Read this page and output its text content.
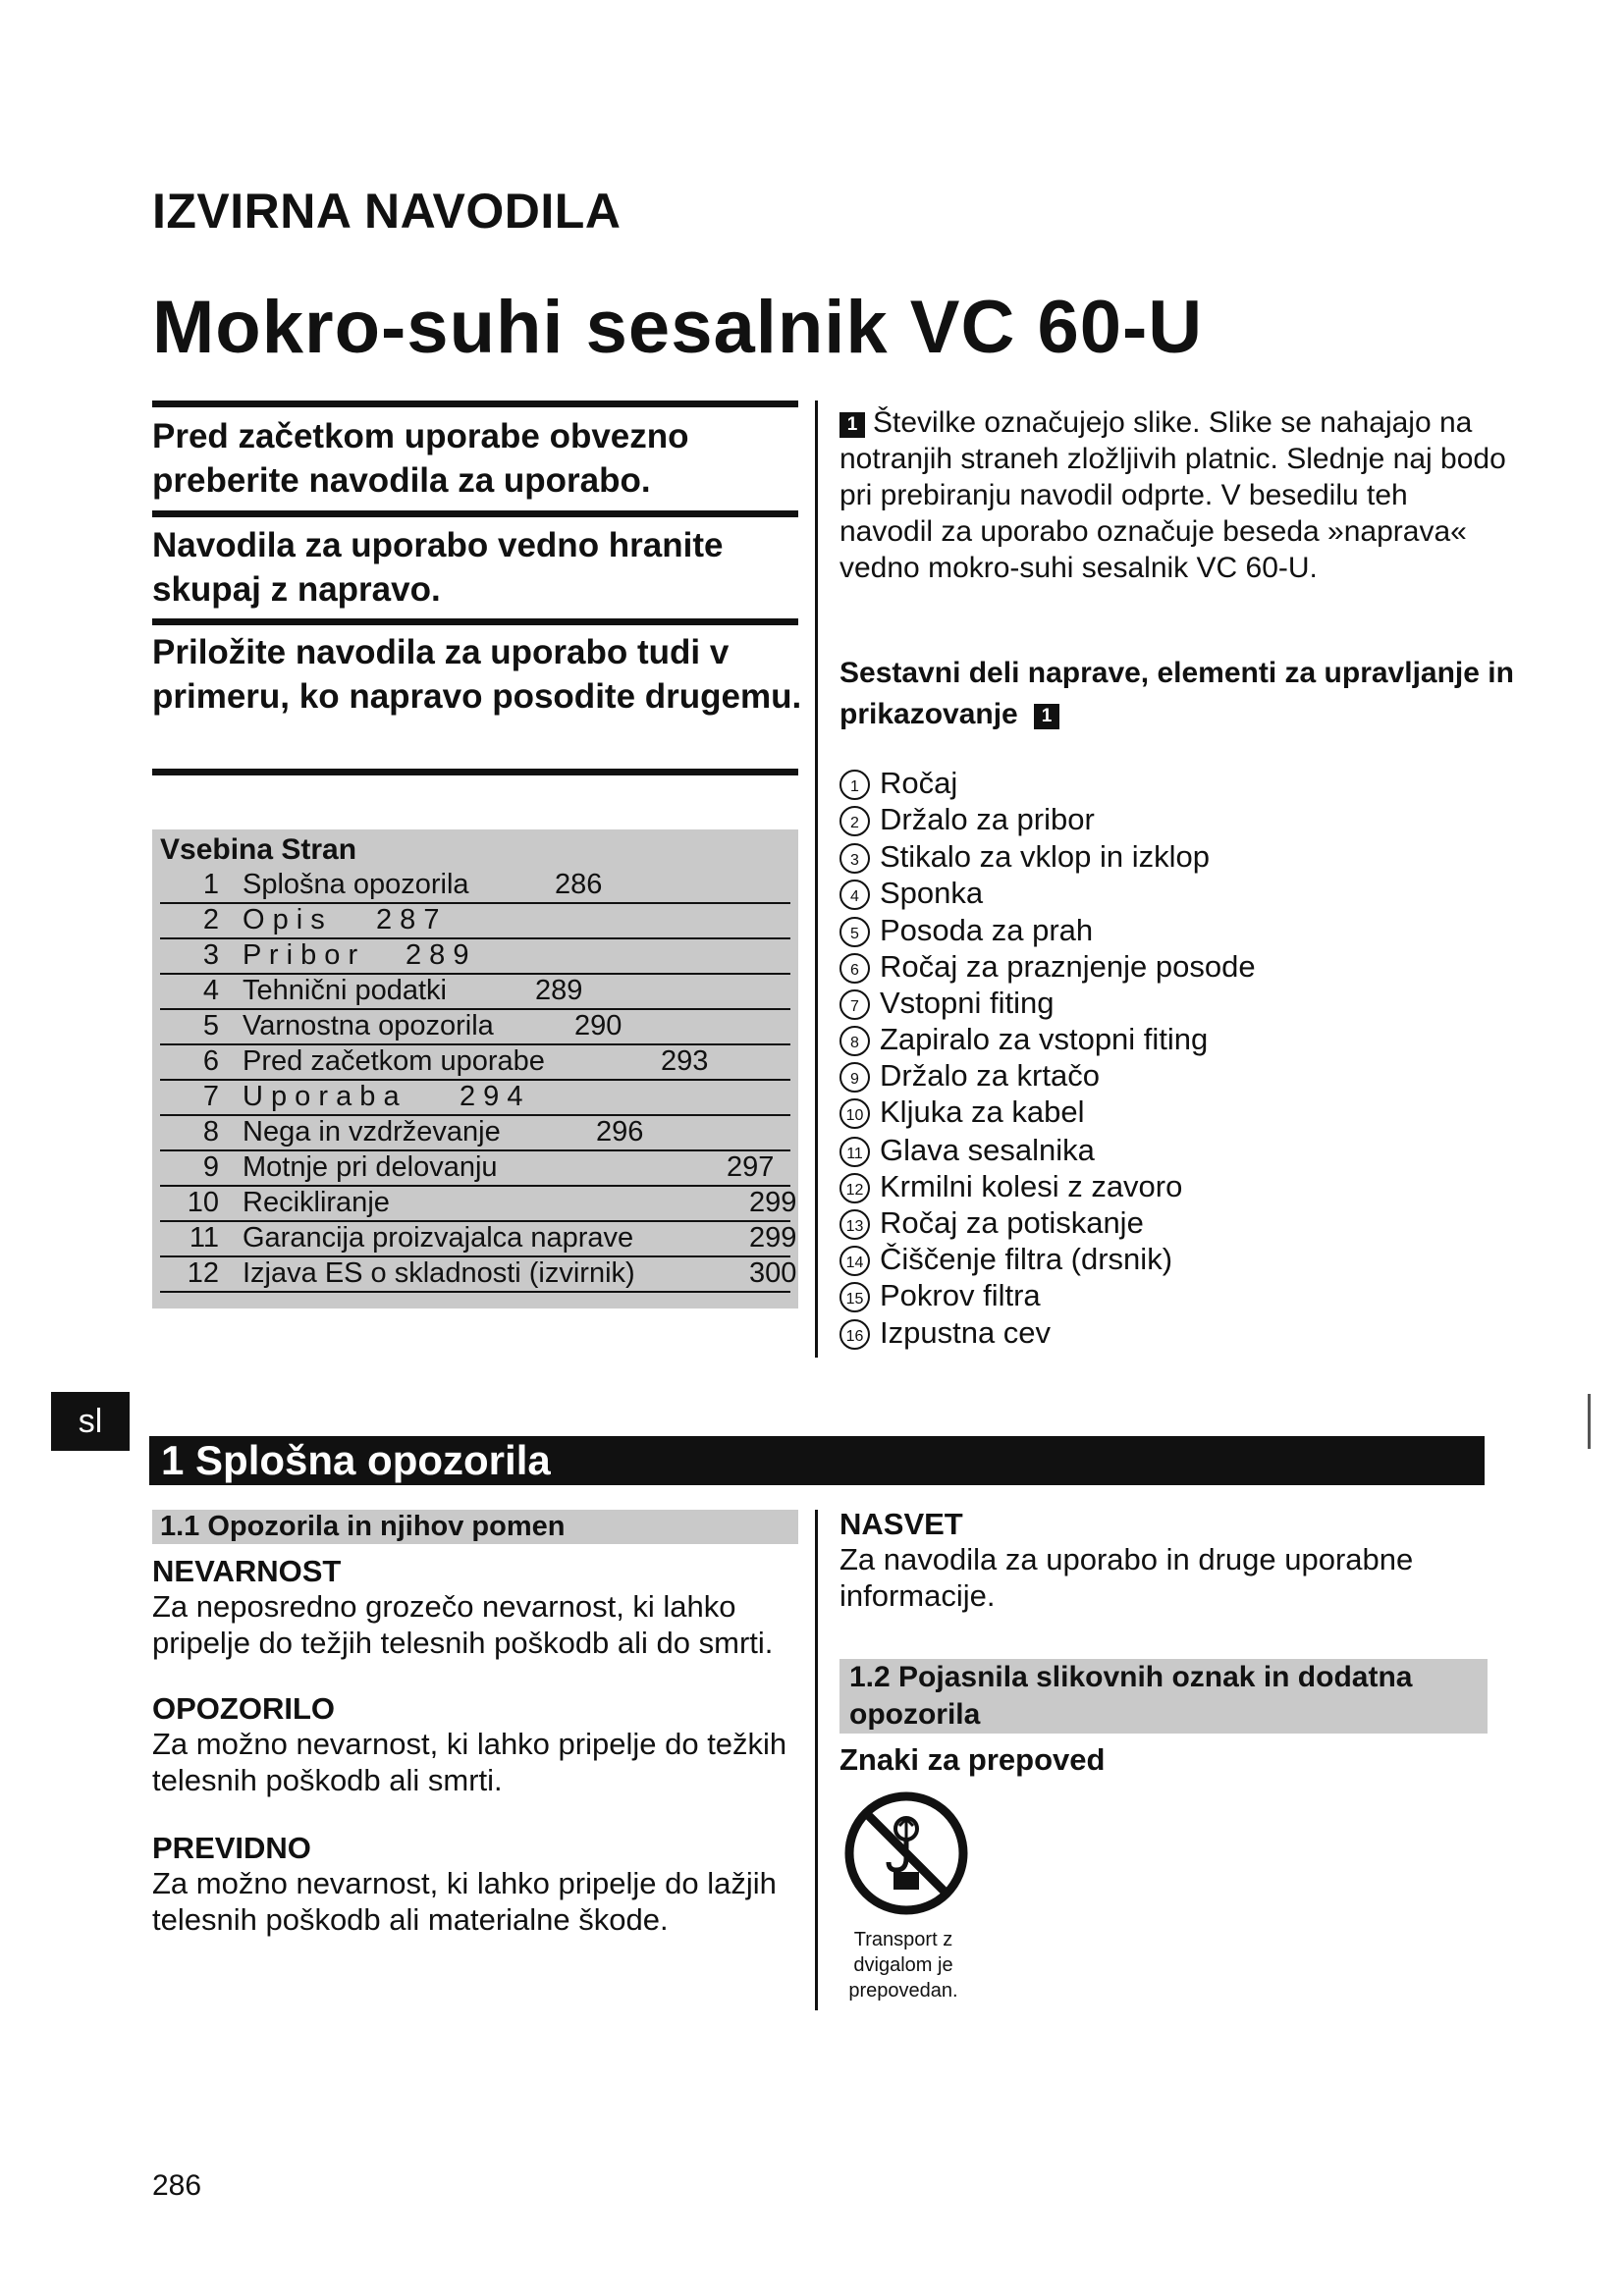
IZVIRNA NAVODILA
Mokro-suhi sesalnik VC 60-U
Pred začetkom uporabe obvezno preberite navodila za uporabo.
Navodila za uporabo vedno hranite skupaj z napravo.
Priložite navodila za uporabo tudi v primeru, ko napravo posodite drugemu.
Vsebina Stran
1 Splošna opozorila	286
2 O p i s 2 8 7
3 P r i b o r 2 8 9
4 Tehnični podatki	289
5 Varnostna opozorila	290
6 Pred začetkom uporabe	293
7 U p o r a b a 2 9 4
8 Nega in vzdrževanje	296
9 Motnje pri delovanju	297
10 Recikliranje	299
11 Garancija proizvajalca naprave	299
12 Izjava ES o skladnosti (izvirnik)	300
1 Številke označujejo slike. Slike se nahajajo na notranjih straneh zložljivih platnic. Slednje naj bodo pri prebiranju navodil odprte. V besedilu teh navodil za uporabo označuje beseda »naprava« vedno mokro-suhi sesalnik VC 60-U.
Sestavni deli naprave, elementi za upravljanje in prikazovanje 1
1 Ročaj
2 Držalo za pribor
3 Stikalo za vklop in izklop
4 Sponka
5 Posoda za prah
6 Ročaj za praznjenje posode
7 Vstopni fiting
8 Zapiralo za vstopni fiting
9 Držalo za krtačo
10 Kljuka za kabel
11 Glava sesalnika
12 Krmilni kolesi z zavoro
13 Ročaj za potiskanje
14 Čiščenje filtra (drsnik)
15 Pokrov filtra
16 Izpustna cev
sl
1 Splošna opozorila
1.1 Opozorila in njihov pomen
NEVARNOST
Za neposredno grozečo nevarnost, ki lahko pripelje do težjih telesnih poškodb ali do smrti.
OPOZORILO
Za možno nevarnost, ki lahko pripelje do težkih telesnih poškodb ali smrti.
PREVIDNO
Za možno nevarnost, ki lahko pripelje do lažjih telesnih poškodb ali materialne škode.
NASVET
Za navodila za uporabo in druge uporabne informacije.
1.2 Pojasnila slikovnih oznak in dodatna opozorila
Znaki za prepoved
Transport z dvigalom je prepovedan.
286
